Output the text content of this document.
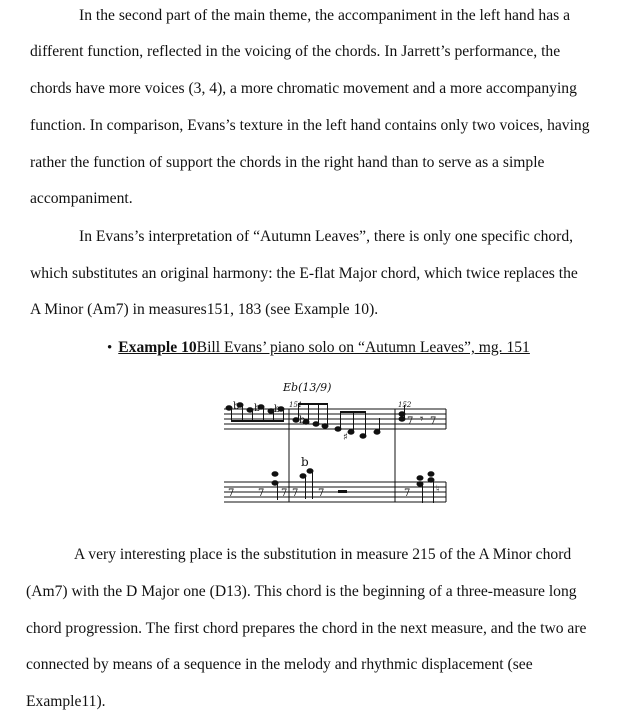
In the second part of the main theme, the accompaniment in the left hand has a
different function, reflected in the voicing of the chords. In Jarrett’s performance, the
chords have more voices (3, 4), a more chromatic movement and a more accompanying
function. In comparison, Evans’s texture in the left hand contains only two voices, having
rather the function of support the chords in the right hand than to serve as a simple
accompaniment.
In Evans’s interpretation of “Autumn Leaves”, there is only one specific chord,
which substitutes an original harmony: the E-flat Major chord, which twice replaces the
A Minor (Am7) in measures151, 183 (see Example 10).
• Example 10Bill Evans’ piano solo on “Autumn Leaves”, mg. 151
b b b
b
♯
𝄾
7 7
7 7 7
b
7 7	7	♮
Eb(13/9)
151	152
A very interesting place is the substitution in measure 215 of the A Minor chord
(Am7) with the D Major one (D13). This chord is the beginning of a three-measure long
chord progression. The first chord prepares the chord in the next measure, and the two are
connected by means of a sequence in the melody and rhythmic displacement (see
Example11).
